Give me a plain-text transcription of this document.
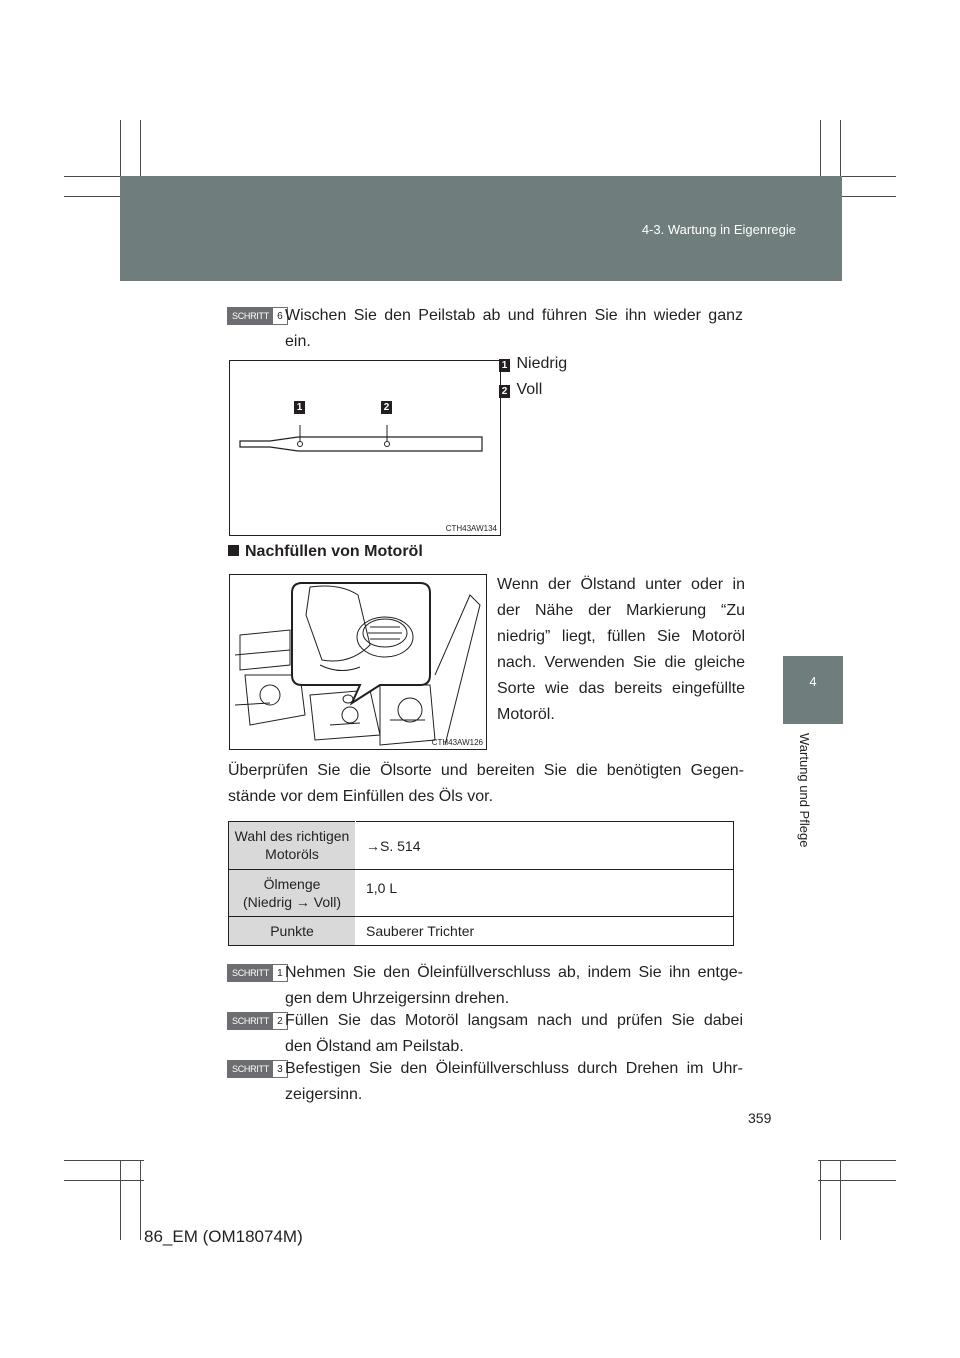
4-3. Wartung in Eigenregie
4
Wartung und Pflege
SCHRITT 6 Wischen Sie den Peilstab ab und führen Sie ihn wieder ganz ein.
1	2
CTH43AW134
1 Niedrig
2 Voll
Nachfüllen von Motoröl
CTH43AW126
Wenn der Ölstand unter oder in der Nähe der Markierung “Zu niedrig” liegt, füllen Sie Motoröl nach. Verwenden Sie die gleiche Sorte wie das bereits eingefüllte Motoröl.
Überprüfen Sie die Ölsorte und bereiten Sie die benötigten Gegen-stände vor dem Einfüllen des Öls vor.
Wahl des richtigen
Motoröls	→S. 514

Ölmenge
(Niedrig → Voll)	1,0 L

Punkte	Sauberer Trichter
SCHRITT 1 Nehmen Sie den Öleinfüllverschluss ab, indem Sie ihn entge-
gen dem Uhrzeigersinn drehen.
SCHRITT 2 Füllen Sie das Motoröl langsam nach und prüfen Sie dabei
den Ölstand am Peilstab.
SCHRITT 3 Befestigen Sie den Öleinfüllverschluss durch Drehen im Uhr-
zeigersinn.
359
86_EM (OM18074M)
